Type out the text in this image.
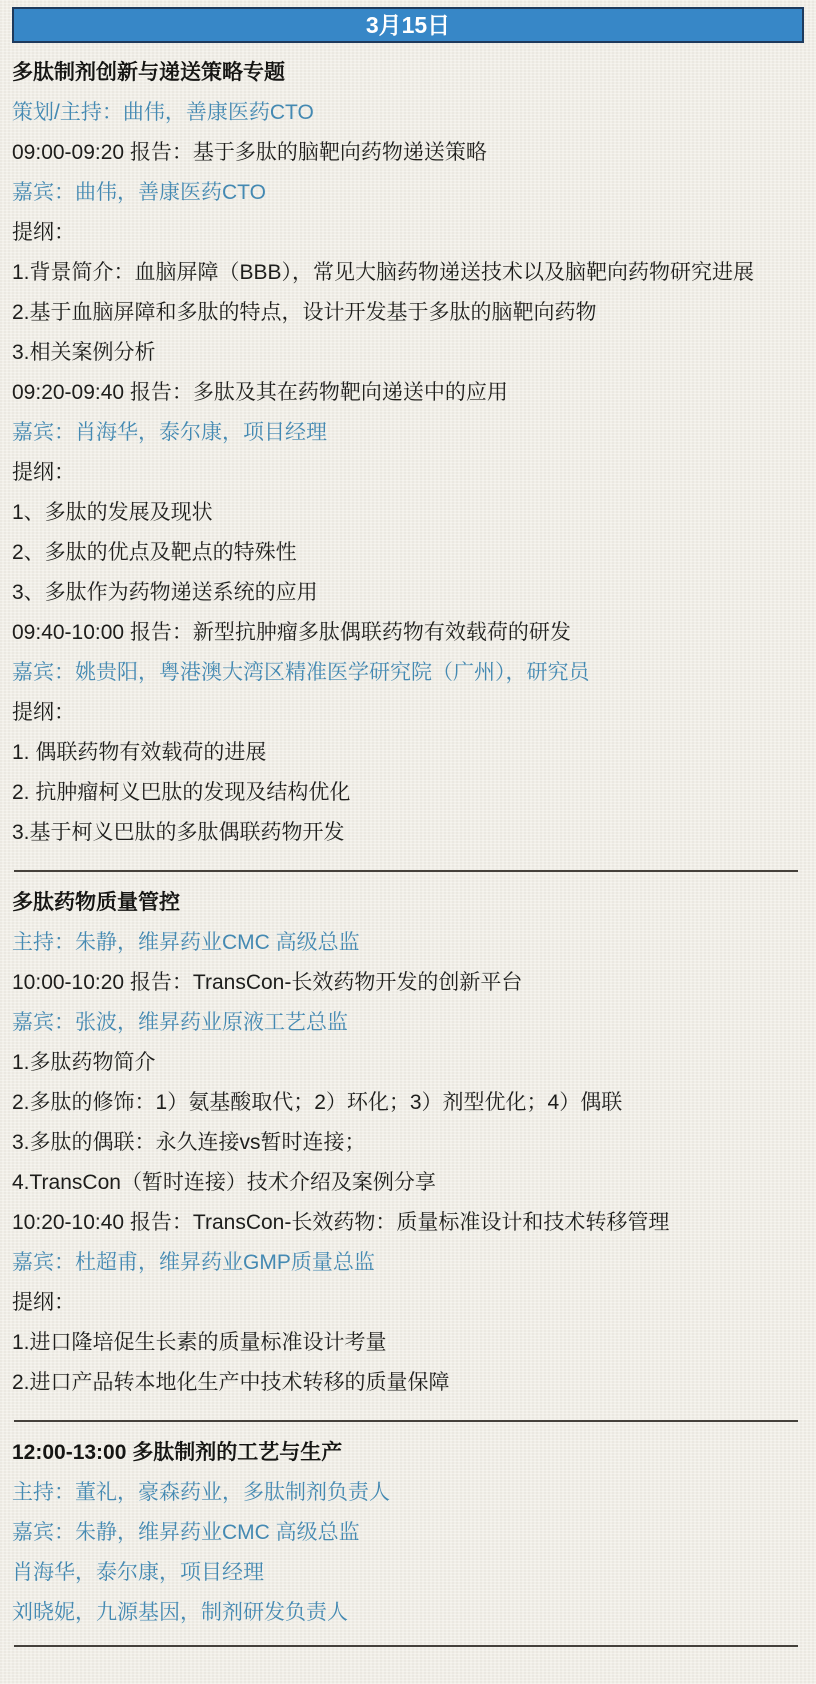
3月15日
多肽制剂创新与递送策略专题

策划/主持：曲伟，善康医药CTO

09:00-09:20 报告：基于多肽的脑靶向药物递送策略

嘉宾：曲伟，善康医药CTO

提纲：

1.背景简介：血脑屏障（BBB），常见大脑药物递送技术以及脑靶向药物研究进展

2.基于血脑屏障和多肽的特点，设计开发基于多肽的脑靶向药物

3.相关案例分析

09:20-09:40 报告：多肽及其在药物靶向递送中的应用

嘉宾：肖海华，泰尔康，项目经理

提纲：

1、多肽的发展及现状

2、多肽的优点及靶点的特殊性

3、多肽作为药物递送系统的应用

09:40-10:00 报告：新型抗肿瘤多肽偶联药物有效载荷的研发

嘉宾：姚贵阳，粤港澳大湾区精准医学研究院（广州），研究员

提纲：

1. 偶联药物有效载荷的进展

2. 抗肿瘤柯义巴肽的发现及结构优化

3.基于柯义巴肽的多肽偶联药物开发

多肽药物质量管控

主持：朱静，维昇药业CMC 高级总监

10:00-10:20 报告：TransCon-长效药物开发的创新平台

嘉宾：张波，维昇药业原液工艺总监

1.多肽药物简介

2.多肽的修饰：1）氨基酸取代；2）环化；3）剂型优化；4）偶联

3.多肽的偶联：永久连接vs暂时连接；

4.TransCon（暂时连接）技术介绍及案例分享

10:20-10:40 报告：TransCon-长效药物：质量标准设计和技术转移管理

嘉宾：杜超甫，维昇药业GMP质量总监

提纲：

1.进口隆培促生长素的质量标准设计考量

2.进口产品转本地化生产中技术转移的质量保障

12:00-13:00 多肽制剂的工艺与生产

主持：董礼，豪森药业，多肽制剂负责人

嘉宾：朱静，维昇药业CMC 高级总监

肖海华，泰尔康，项目经理

刘晓妮，九源基因，制剂研发负责人
